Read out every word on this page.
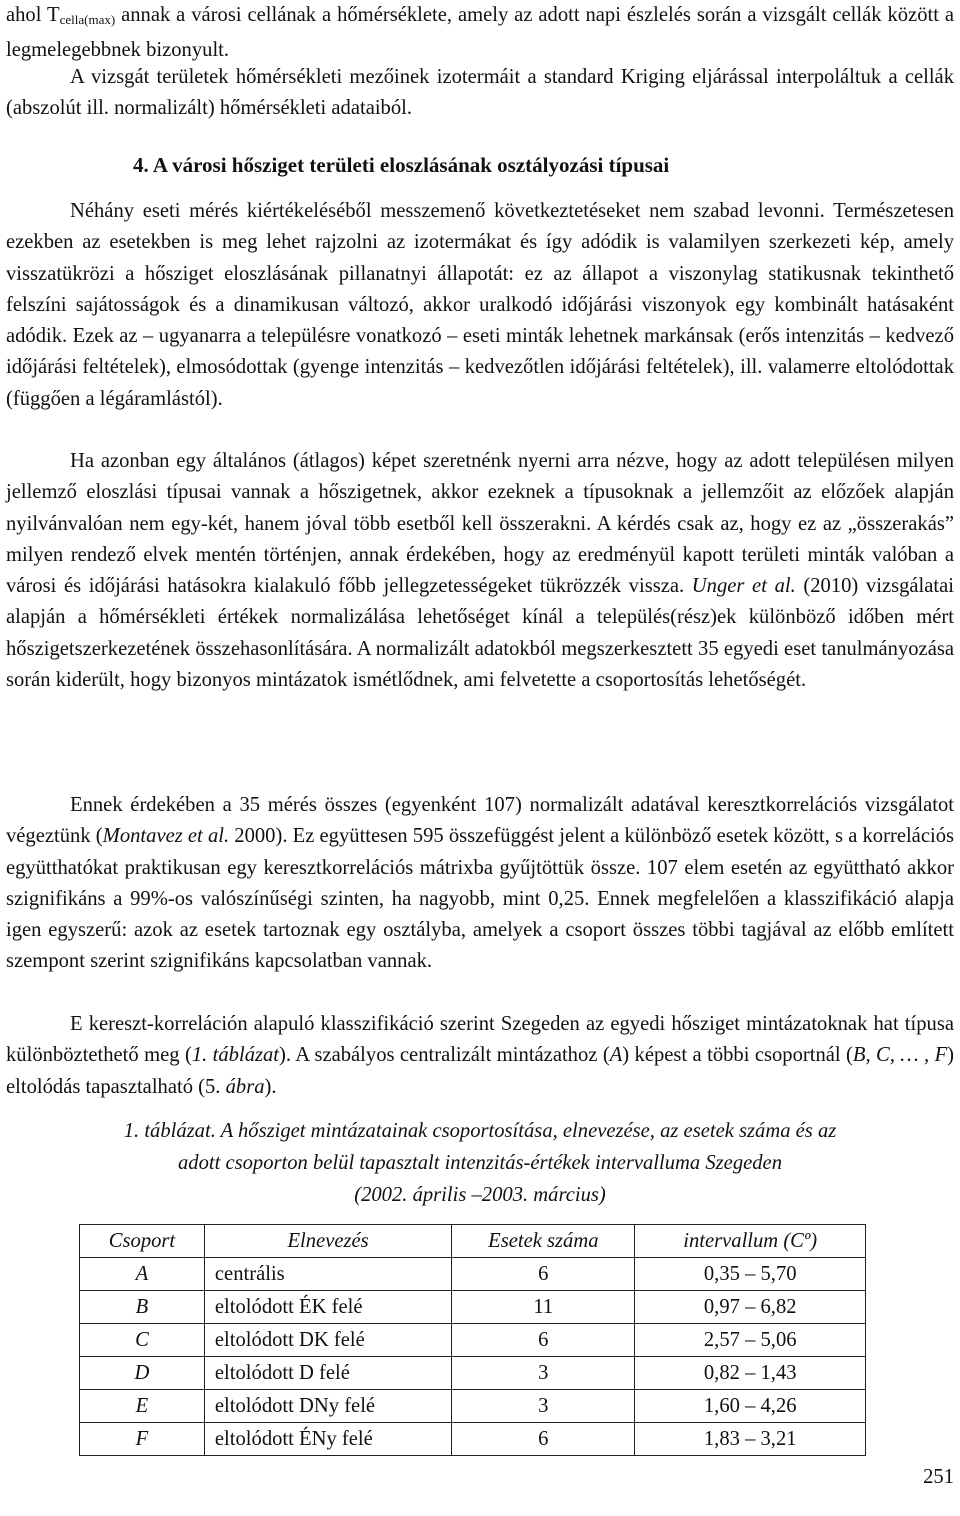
ahol $T_{cella(max)}$ annak a városi cellának a hőmérséklete, amely az adott napi észlelés során a vizsgált cellák között a legmelegebbnek bizonyult.

A vizsgát területek hőmérsékleti mezőinek izotermáit a standard Kriging eljárással interpoláltuk a cellák (abszolút ill. normalizált) hőmérsékleti adataiból.

4. A városi hősziget területi eloszlásának osztályozási típusai

Néhány eseti mérés kiértékeléséből messzemenő következtetéseket nem szabad levonni. Természetesen ezekben az esetekben is meg lehet rajzolni az izotermákat és így adódik is valamilyen szerkezeti kép, amely visszatükrözi a hősziget eloszlásának pillanatnyi állapotát: ez az állapot a viszonylag statikusnak tekinthető felszíni sajátosságok és a dinamikusan változó, akkor uralkodó időjárási viszonyok egy kombinált hatásaként adódik. Ezek az – ugyanarra a településre vonatkozó – eseti minták lehetnek markánsak (erős intenzitás – kedvező időjárási feltételek), elmosódottak (gyenge intenzitás – kedvezőtlen időjárási feltételek), ill. valamerre eltolódottak (függően a légáramlástól).

Ha azonban egy általános (átlagos) képet szeretnénk nyerni arra nézve, hogy az adott településen milyen jellemző eloszlási típusai vannak a hőszigetnek, akkor ezeknek a típusoknak a jellemzőit az előzőek alapján nyilvánvalóan nem egy-két, hanem jóval több esetből kell összerakni. A kérdés csak az, hogy ez az „összerakás” milyen rendező elvek mentén történjen, annak érdekében, hogy az eredményül kapott területi minták valóban a városi és időjárási hatásokra kialakuló főbb jellegzetességeket tükrözzék vissza. Unger et al. (2010) vizsgálatai alapján a hőmérsékleti értékek normalizálása lehetőséget kínál a település(rész)ek különböző időben mért hőszigetszerkezetének összehasonlítására. A normalizált adatokból megszerkesztett 35 egyedi eset tanulmányozása során kiderült, hogy bizonyos mintázatok ismétlődnek, ami felvetette a csoportosítás lehetőségét.

Ennek érdekében a 35 mérés összes (egyenként 107) normalizált adatával keresztkorrelációs vizsgálatot végeztünk (Montavez et al. 2000). Ez együttesen 595 összefüggést jelent a különböző esetek között, s a korrelációs együtthatókat praktikusan egy keresztkorrelációs mátrixba gyűjtöttük össze. 107 elem esetén az együttható akkor szignifikáns a 99%-os valószínűségi szinten, ha nagyobb, mint 0,25. Ennek megfelelően a klasszifikáció alapja igen egyszerű: azok az esetek tartoznak egy osztályba, amelyek a csoport összes többi tagjával az előbb említett szempont szerint szignifikáns kapcsolatban vannak.

E kereszt-korreláción alapuló klasszifikáció szerint Szegeden az egyedi hősziget mintázatoknak hat típusa különböztethető meg (1. táblázat). A szabályos centralizált mintázathoz (A) képest a többi csoportnál (B, C, … , F) eltolódás tapasztalható (5. ábra).

1. táblázat. A hősziget mintázatainak csoportosítása, elnevezése, az esetek száma és az
adott csoporton belül tapasztalt intenzitás-értékek intervalluma Szegeden
(2002. április –2003. március)
Csoport	Elnevezés	Esetek száma	intervallum (Cº)
A	centrális	6	0,35 – 5,70
B	eltolódott ÉK felé	11	0,97 – 6,82
C	eltolódott DK felé	6	2,57 – 5,06
D	eltolódott D felé	3	0,82 – 1,43
E	eltolódott DNy felé	3	1,60 – 4,26
F	eltolódott ÉNy felé	6	1,83 – 3,21
251
